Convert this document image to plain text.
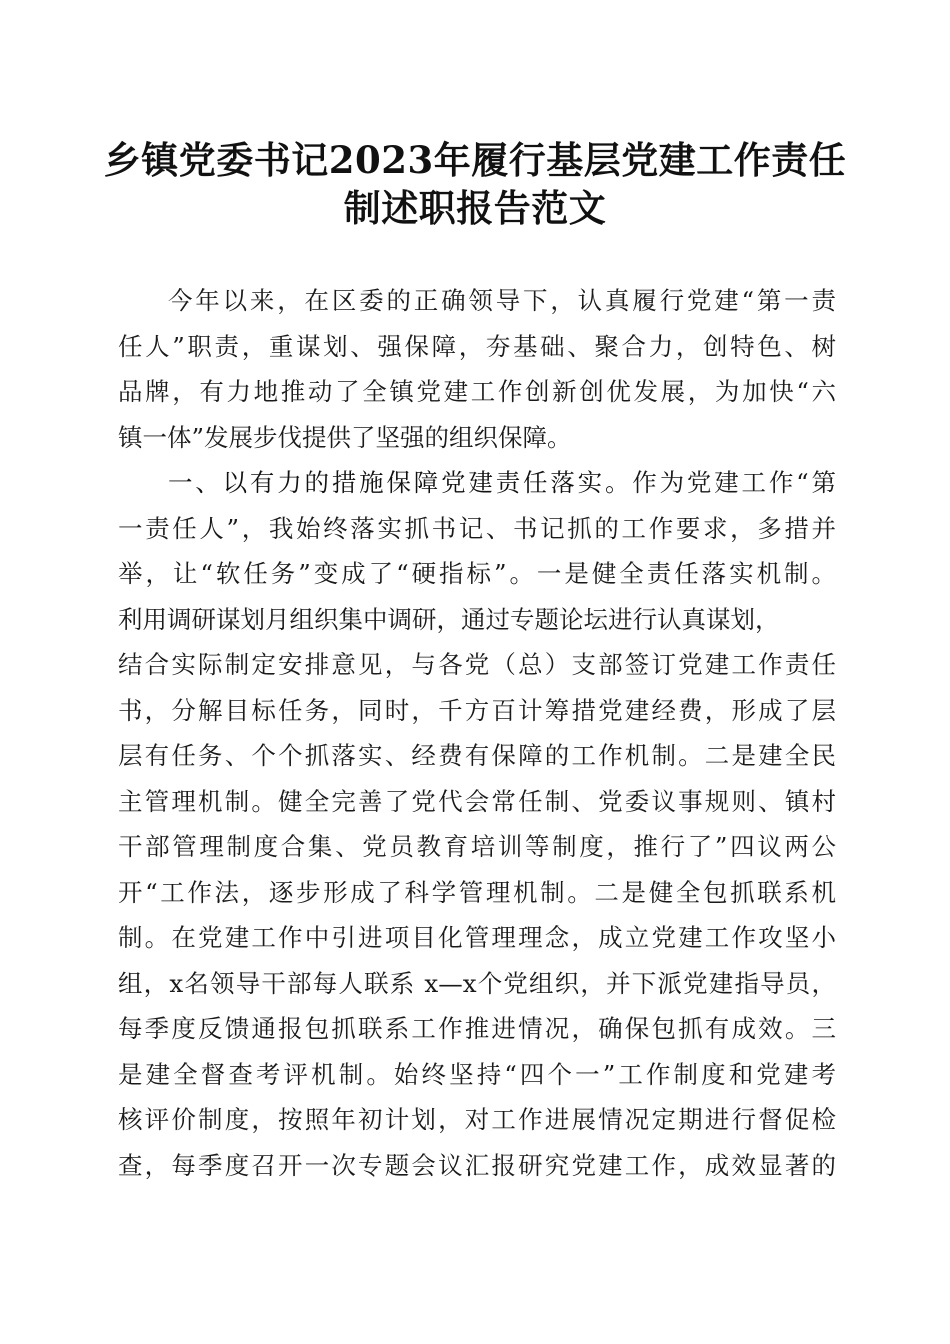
乡镇党委书记2023年履行基层党建工作责任
制述职报告范文
今年以来，在区委的正确领导下，认真履行党建“第一责
任人”职责，重谋划、强保障，夯基础、聚合力，创特色、树
品牌，有力地推动了全镇党建工作创新创优发展，为加快“六
镇一体”发展步伐提供了坚强的组织保障。
一、以有力的措施保障党建责任落实。作为党建工作“第
一责任人”，我始终落实抓书记、书记抓的工作要求，多措并
举，让“软任务”变成了“硬指标”。一是健全责任落实机制。
利用调研谋划月组织集中调研，通过专题论坛进行认真谋划，
结合实际制定安排意见，与各党（总）支部签订党建工作责任
书，分解目标任务，同时，千方百计筹措党建经费，形成了层
层有任务、个个抓落实、经费有保障的工作机制。二是建全民
主管理机制。健全完善了党代会常任制、党委议事规则、镇村
干部管理制度合集、党员教育培训等制度，推行了”四议两公
开“工作法，逐步形成了科学管理机制。二是健全包抓联系机
制。在党建工作中引进项目化管理理念，成立党建工作攻坚小
组，x名领导干部每人联系 x—x个党组织，并下派党建指导员，
每季度反馈通报包抓联系工作推进情况，确保包抓有成效。三
是建全督查考评机制。始终坚持“四个一”工作制度和党建考
核评价制度，按照年初计划，对工作进展情况定期进行督促检
查，每季度召开一次专题会议汇报研究党建工作，成效显著的
